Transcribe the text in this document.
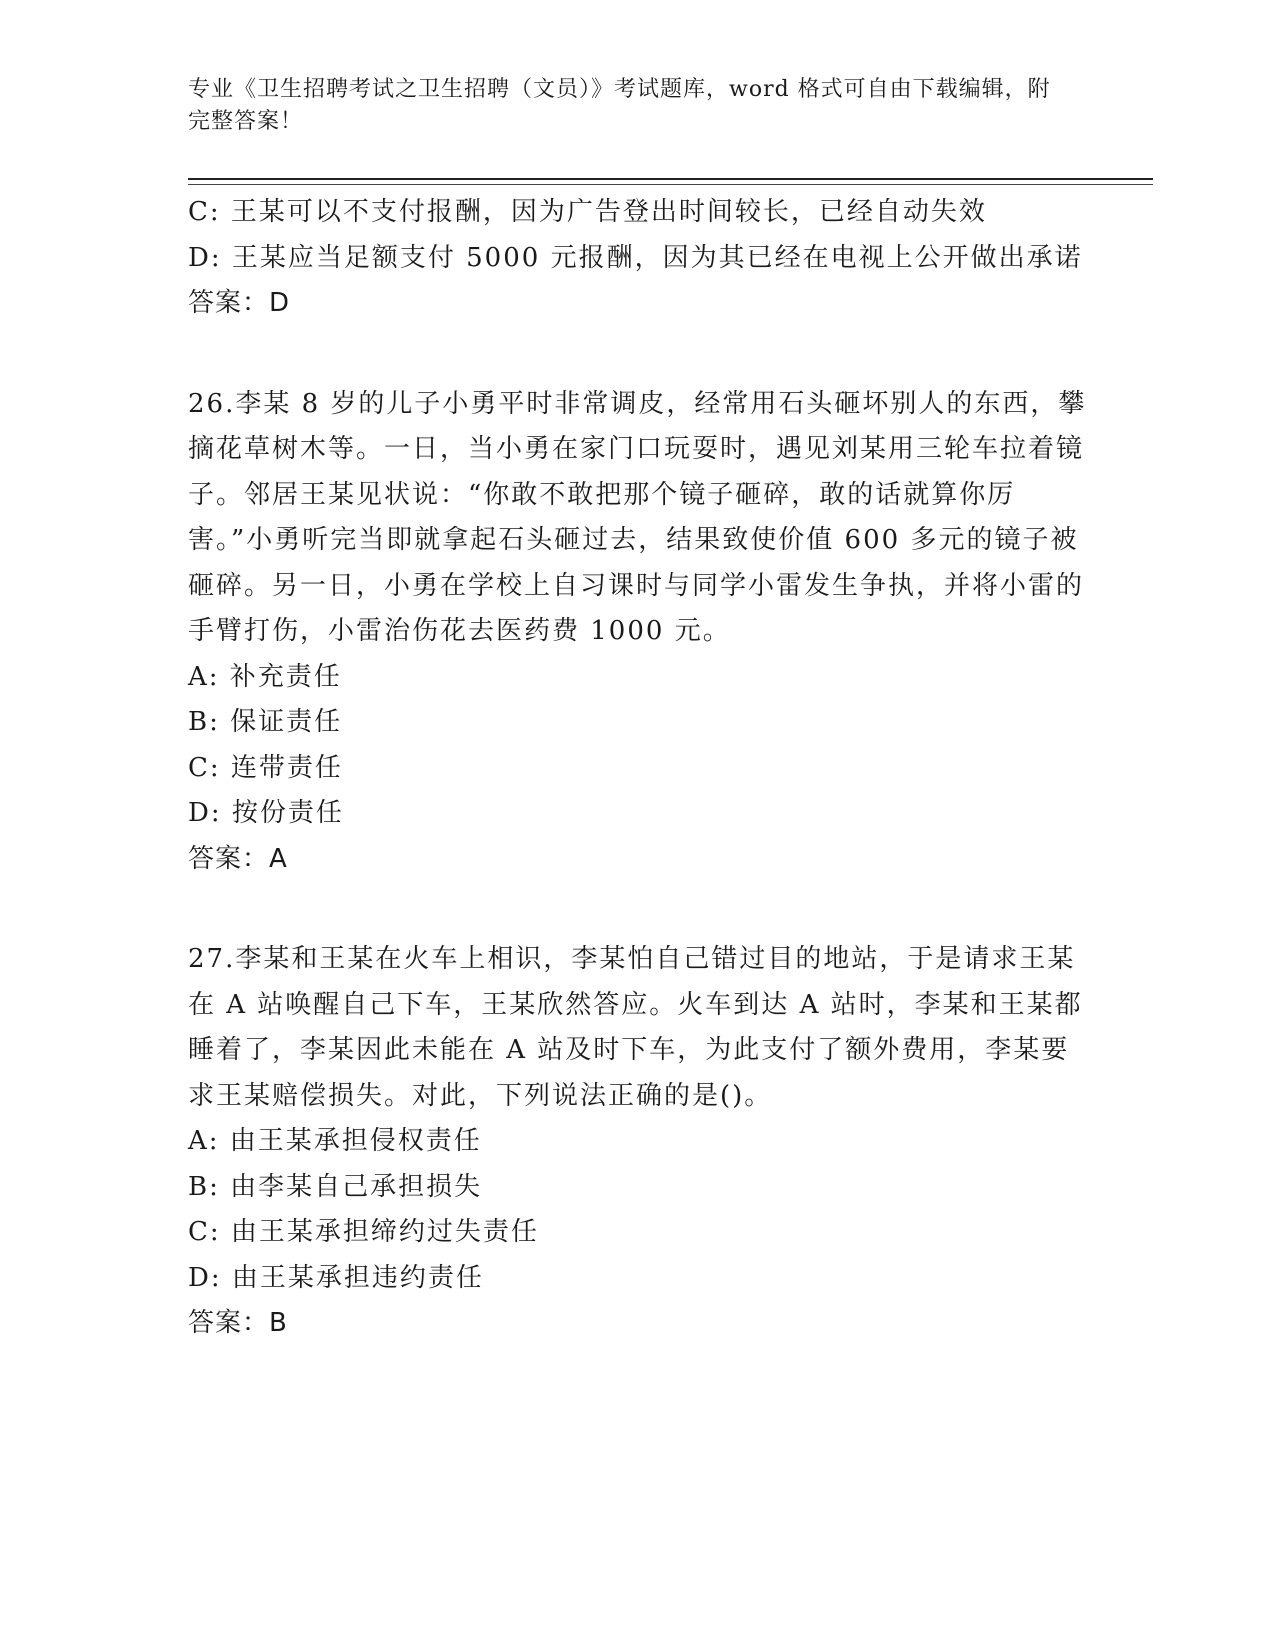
专业《卫生招聘考试之卫生招聘（文员）》考试题库，word 格式可自由下载编辑，附完整答案！

C: 王某可以不支付报酬，因为广告登出时间较长，已经自动失效

D: 王某应当足额支付 5000 元报酬，因为其已经在电视上公开做出承诺

答案：D

26.李某 8 岁的儿子小勇平时非常调皮，经常用石头砸坏别人的东西，攀摘花草树木等。一日，当小勇在家门口玩耍时，遇见刘某用三轮车拉着镜子。邻居王某见状说：“你敢不敢把那个镜子砸碎，敢的话就算你厉害。”小勇听完当即就拿起石头砸过去，结果致使价值 600 多元的镜子被砸碎。另一日，小勇在学校上自习课时与同学小雷发生争执，并将小雷的手臂打伤，小雷治伤花去医药费 1000 元。

A: 补充责任

B: 保证责任

C: 连带责任

D: 按份责任

答案：A

27.李某和王某在火车上相识，李某怕自己错过目的地站，于是请求王某在 A 站唤醒自己下车，王某欣然答应。火车到达 A 站时，李某和王某都睡着了，李某因此未能在 A 站及时下车，为此支付了额外费用，李某要求王某赔偿损失。对此，下列说法正确的是()。

A: 由王某承担侵权责任

B: 由李某自己承担损失

C: 由王某承担缔约过失责任

D: 由王某承担违约责任

答案：B
